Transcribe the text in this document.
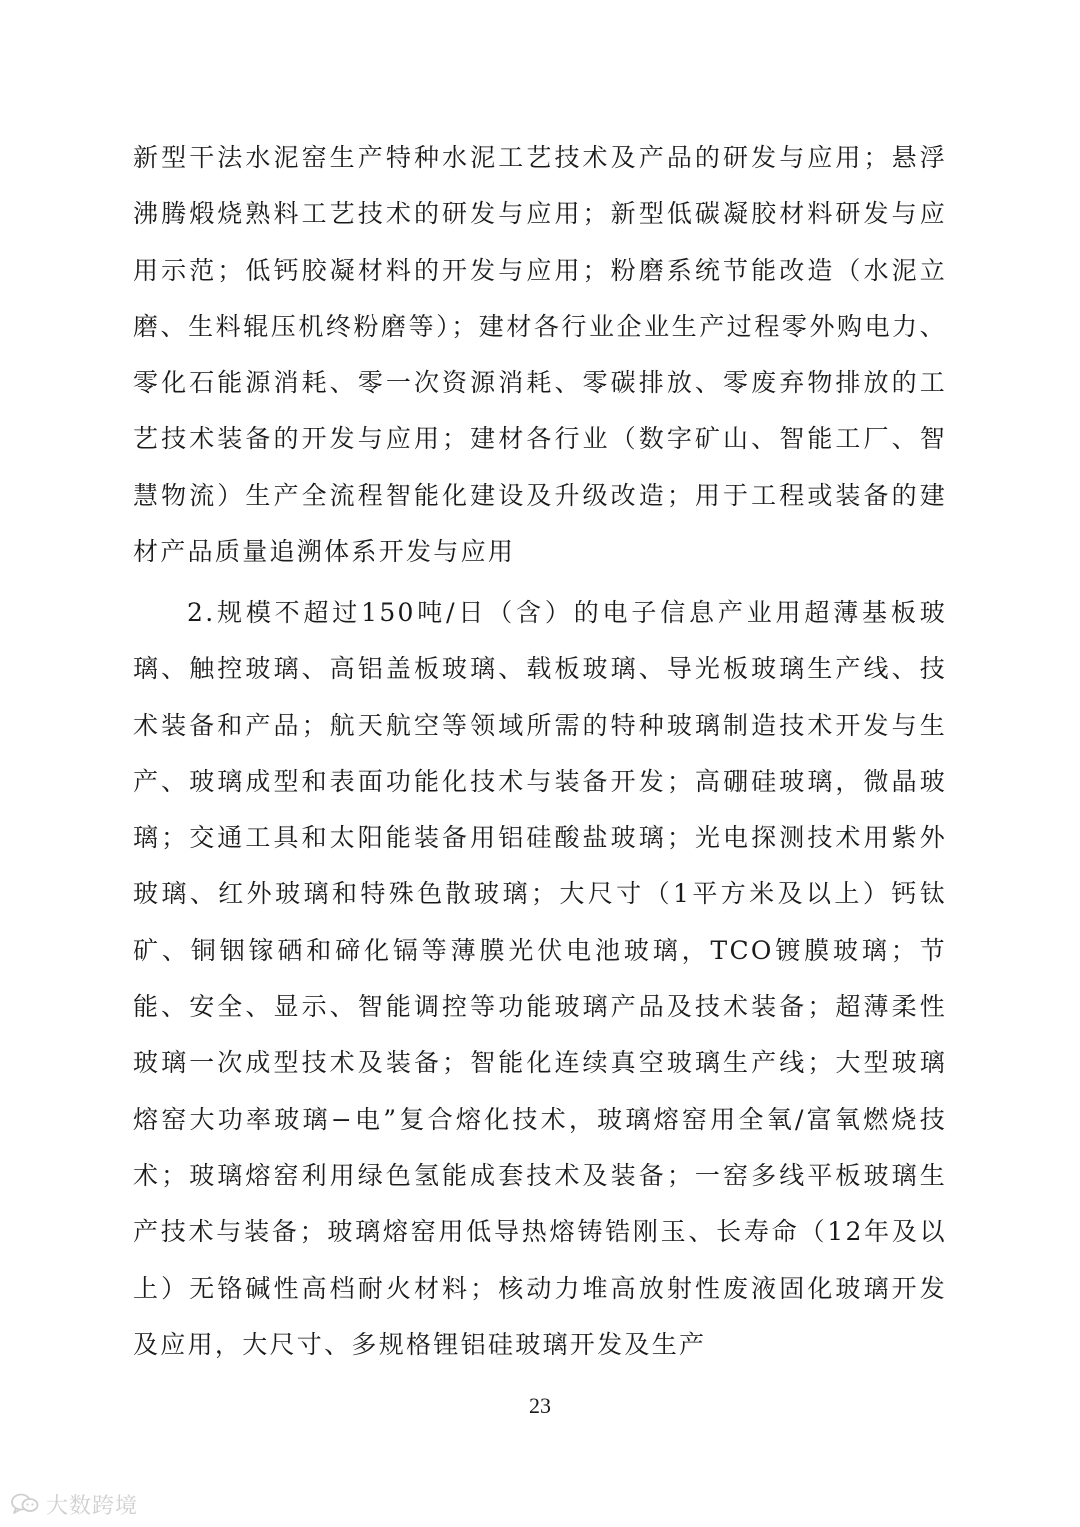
新型干法水泥窑生产特种水泥工艺技术及产品的研发与应用；悬浮沸腾煅烧熟料工艺技术的研发与应用；新型低碳凝胶材料研发与应用示范；低钙胶凝材料的开发与应用；粉磨系统节能改造（水泥立磨、生料辊压机终粉磨等）；建材各行业企业生产过程零外购电力、零化石能源消耗、零一次资源消耗、零碳排放、零废弃物排放的工艺技术装备的开发与应用；建材各行业（数字矿山、智能工厂、智慧物流）生产全流程智能化建设及升级改造；用于工程或装备的建材产品质量追溯体系开发与应用

2.规模不超过150吨/日（含）的电子信息产业用超薄基板玻璃、触控玻璃、高铝盖板玻璃、载板玻璃、导光板玻璃生产线、技术装备和产品；航天航空等领域所需的特种玻璃制造技术开发与生产、玻璃成型和表面功能化技术与装备开发；高硼硅玻璃，微晶玻璃；交通工具和太阳能装备用铝硅酸盐玻璃；光电探测技术用紫外玻璃、红外玻璃和特殊色散玻璃；大尺寸（1平方米及以上）钙钛矿、铜铟镓硒和碲化镉等薄膜光伏电池玻璃，TCO镀膜玻璃；节能、安全、显示、智能调控等功能玻璃产品及技术装备；超薄柔性玻璃一次成型技术及装备；智能化连续真空玻璃生产线；大型玻璃熔窑大功率玻璃−电”复合熔化技术，玻璃熔窑用全氧/富氧燃烧技术；玻璃熔窑利用绿色氢能成套技术及装备；一窑多线平板玻璃生产技术与装备；玻璃熔窑用低导热熔铸锆刚玉、长寿命（12年及以上）无铬碱性高档耐火材料；核动力堆高放射性废液固化玻璃开发及应用，大尺寸、多规格锂铝硅玻璃开发及生产

23
大数跨境
